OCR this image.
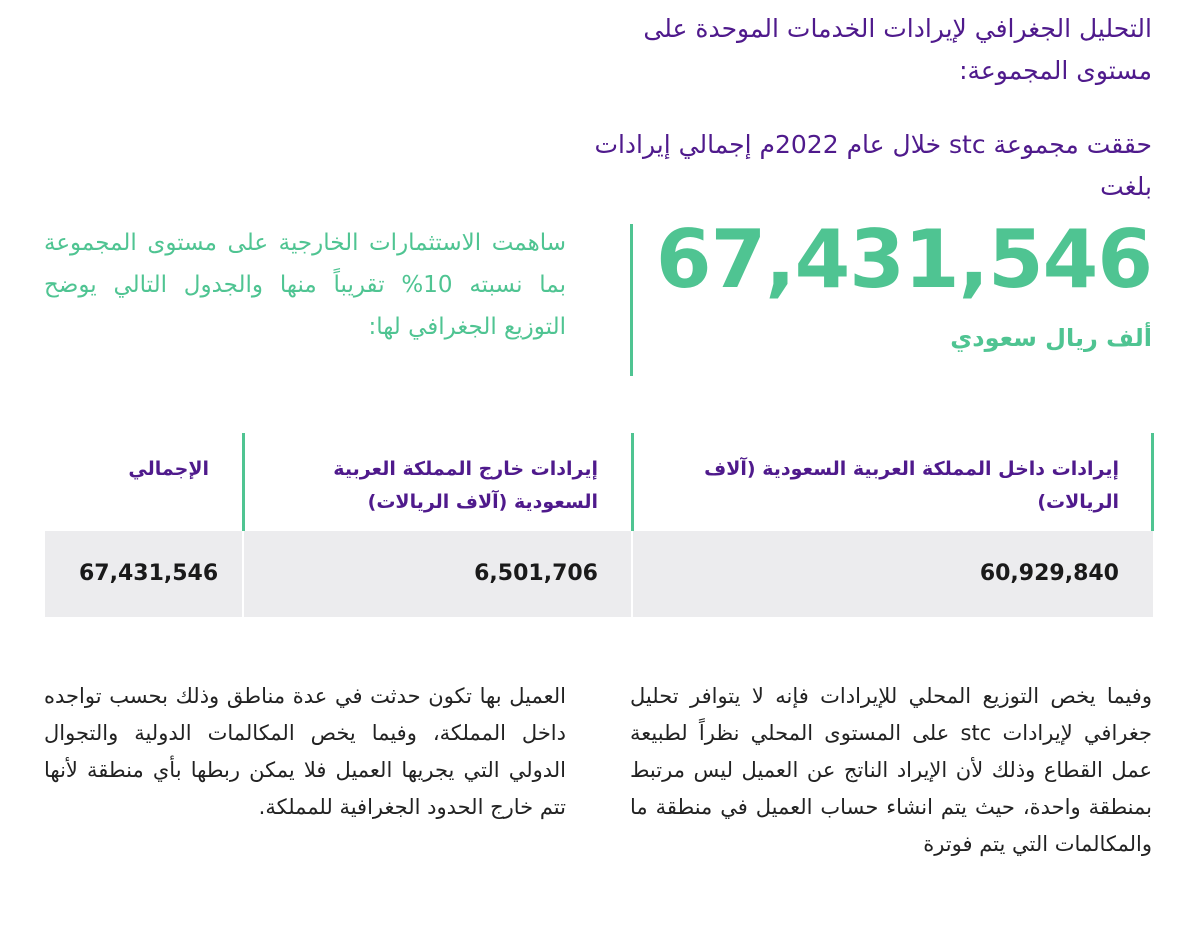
التحليل الجغرافي لإيرادات الخدمات الموحدة على مستوى المجموعة:
حققت مجموعة stc خلال عام 2022م إجمالي إيرادات بلغت
67,431,546
ألف ريال سعودي
ساهمت الاستثمارات الخارجية على مستوى المجموعة بما نسبته 10% تقريباً منها والجدول التالي يوضح التوزيع الجغرافي لها:
إيرادات داخل المملكة العربية السعودية (آلاف الريالات)
60,929,840
إيرادات خارج المملكة العربية السعودية (آلاف الريالات)
6,501,706
الإجمالي
67,431,546
وفيما يخص التوزيع المحلي للإيرادات فإنه لا يتوافر تحليل جغرافي لإيرادات stc على المستوى المحلي نظراً لطبيعة عمل القطاع وذلك لأن الإيراد الناتج عن العميل ليس مرتبط بمنطقة واحدة، حيث يتم انشاء حساب العميل في منطقة ما والمكالمات التي يتم فوترة
العميل بها تكون حدثت في عدة مناطق وذلك بحسب تواجده داخل المملكة، وفيما يخص المكالمات الدولية والتجوال الدولي التي يجريها العميل فلا يمكن ربطها بأي منطقة لأنها تتم خارج الحدود الجغرافية للمملكة.
